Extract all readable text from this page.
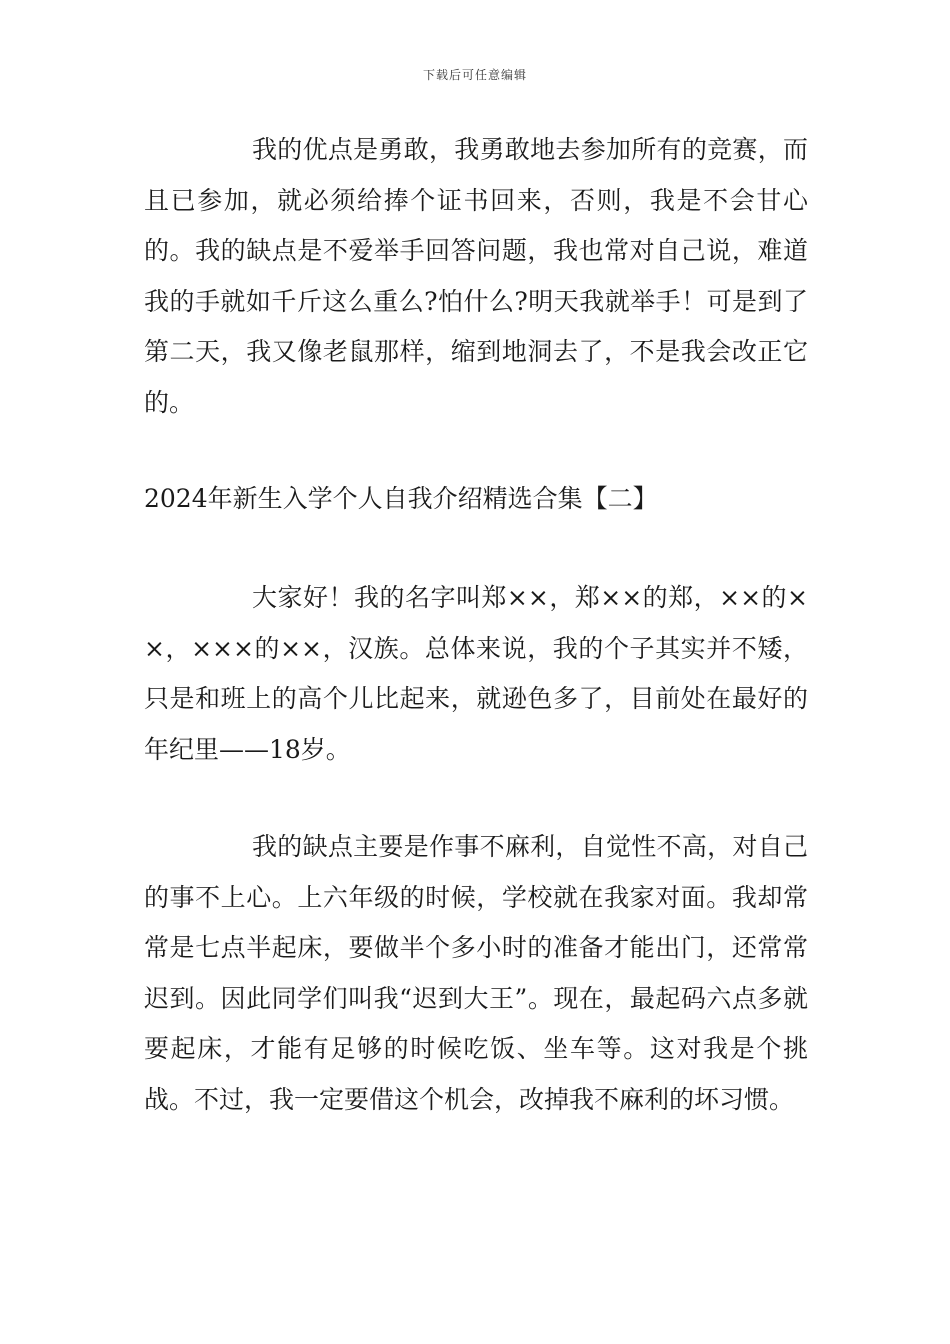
下载后可任意编辑

我的优点是勇敢，我勇敢地去参加所有的竞赛，而且已参加，就必须给捧个证书回来，否则，我是不会甘心的。我的缺点是不爱举手回答问题，我也常对自己说，难道我的手就如千斤这么重么?怕什么?明天我就举手！可是到了第二天，我又像老鼠那样，缩到地洞去了，不是我会改正它的。

2024年新生入学个人自我介绍精选合集【二】

大家好！我的名字叫郑××，郑××的郑，××的××，×××的××，汉族。总体来说，我的个子其实并不矮，只是和班上的高个儿比起来，就逊色多了，目前处在最好的年纪里——18岁。

我的缺点主要是作事不麻利，自觉性不高，对自己的事不上心。上六年级的时候，学校就在我家对面。我却常常是七点半起床，要做半个多小时的准备才能出门，还常常迟到。因此同学们叫我“迟到大王”。现在，最起码六点多就要起床，才能有足够的时候吃饭、坐车等。这对我是个挑战。不过，我一定要借这个机会，改掉我不麻利的坏习惯。
